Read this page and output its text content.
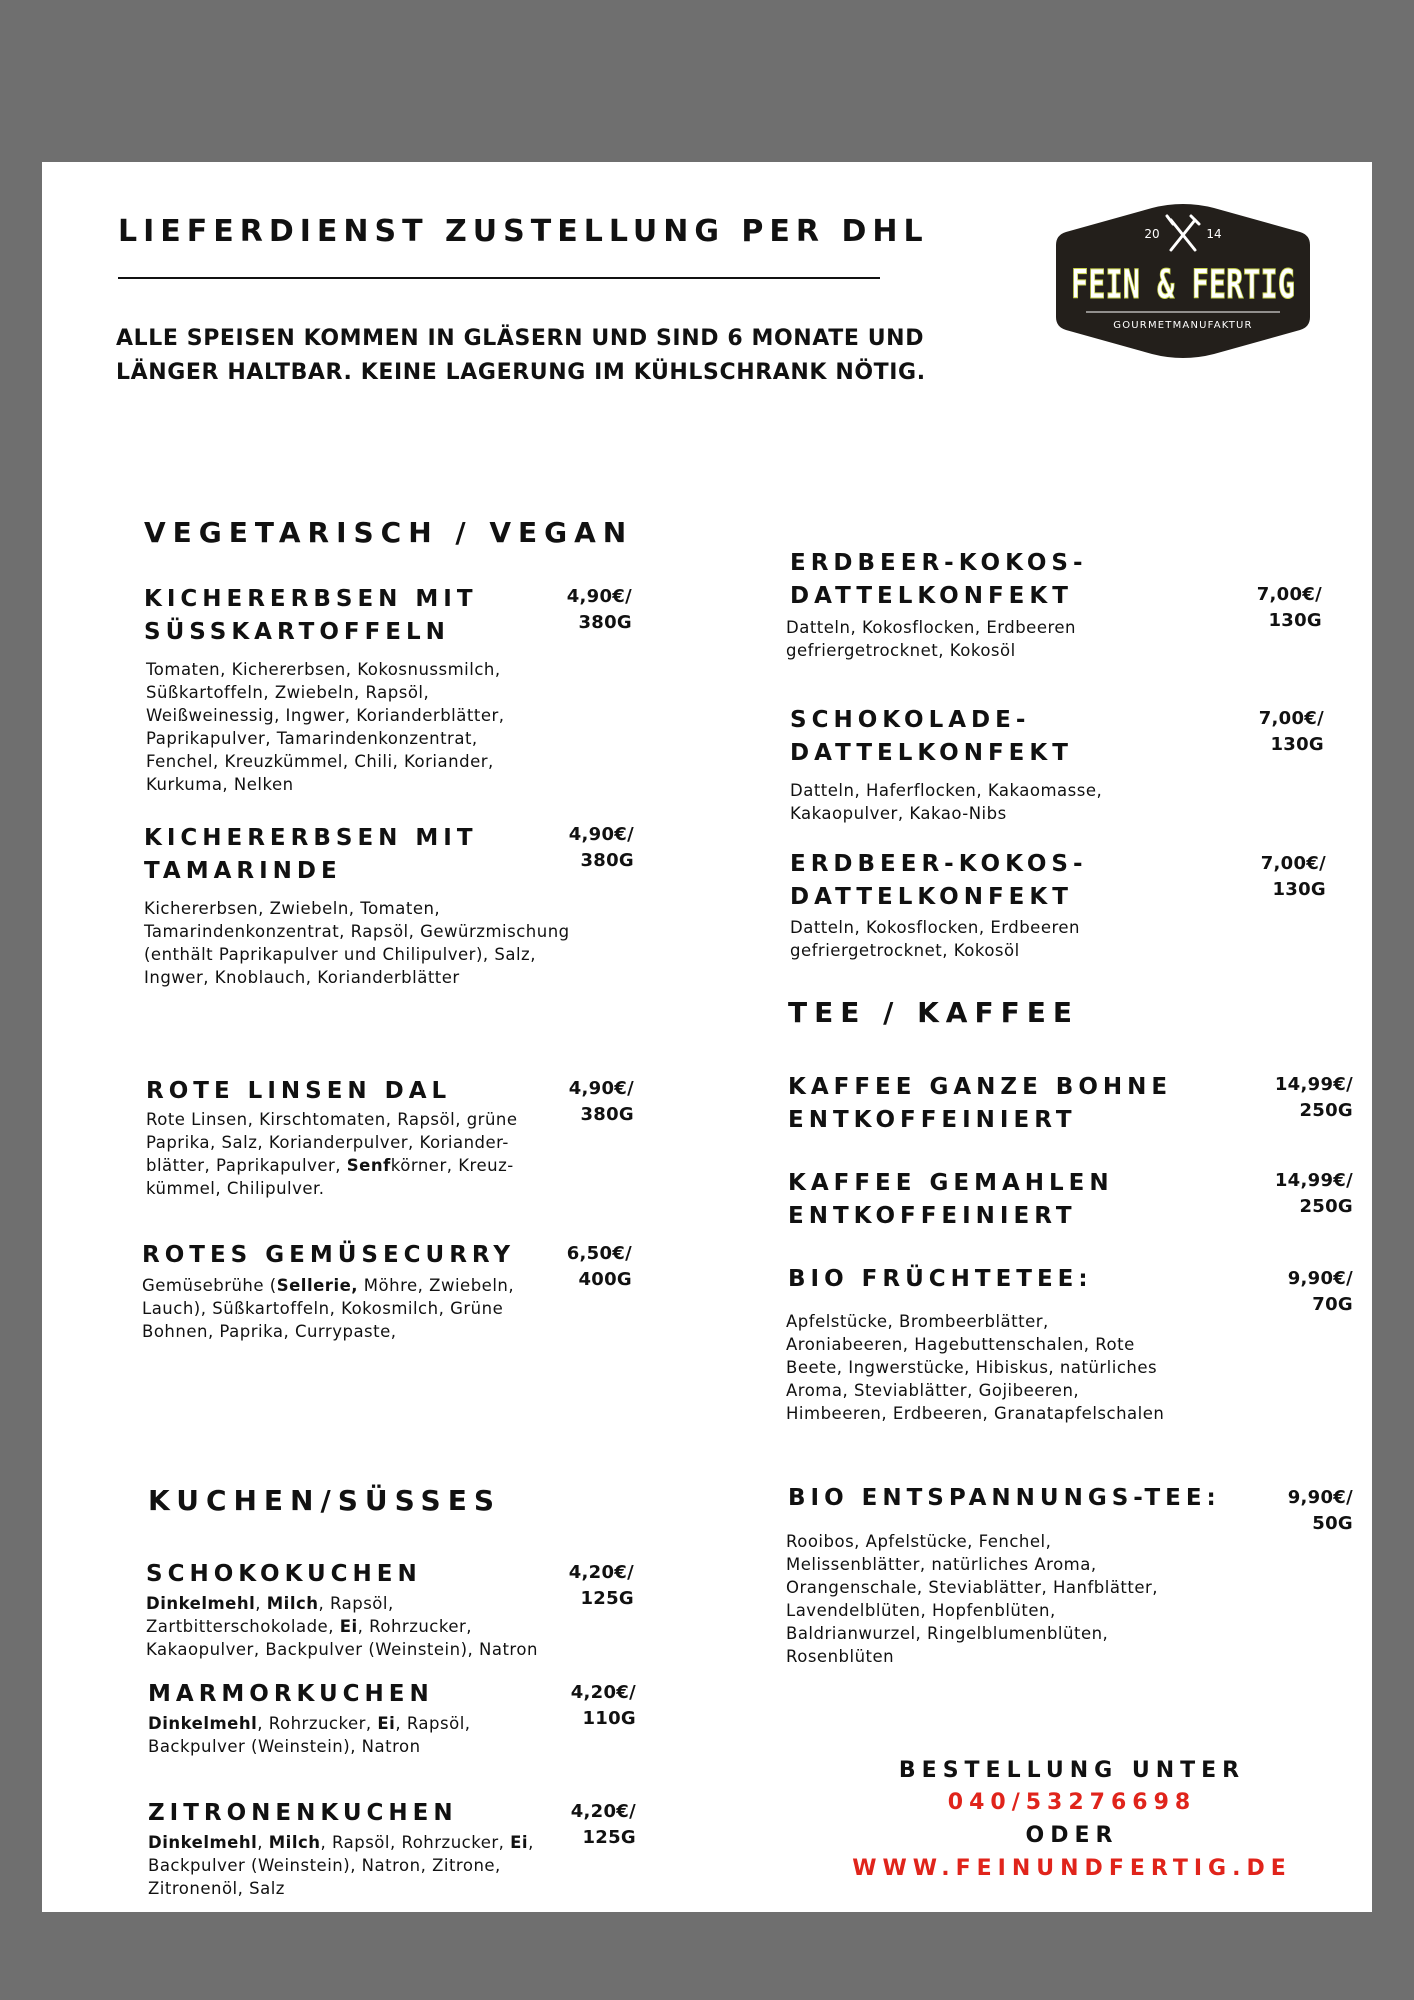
LIEFERDIENST ZUSTELLUNG PER DHL
ALLE SPEISEN KOMMEN IN GLÄSERN UND SIND 6 MONATE UND
LÄNGER HALTBAR. KEINE LAGERUNG IM KÜHLSCHRANK NÖTIG.
20	14
FEIN & FERTIG
GOURMETMANUFAKTUR
VEGETARISCH / VEGAN
KICHERERBSEN MIT
SÜSSKARTOFFELN
4,90€/
380G
Tomaten, Kichererbsen, Kokosnussmilch,
Süßkartoffeln, Zwiebeln, Rapsöl,
Weißweinessig, Ingwer, Korianderblätter,
Paprikapulver, Tamarindenkonzentrat,
Fenchel, Kreuzkümmel, Chili, Koriander,
Kurkuma, Nelken
KICHERERBSEN MIT
TAMARINDE
4,90€/
380G
Kichererbsen, Zwiebeln, Tomaten,
Tamarindenkonzentrat, Rapsöl, Gewürzmischung
(enthält Paprikapulver und Chilipulver), Salz,
Ingwer, Knoblauch, Korianderblätter
ROTE LINSEN DAL	4,90€/
380G
Rote Linsen, Kirschtomaten, Rapsöl, grüne
Paprika, Salz, Korianderpulver, Koriander-
blätter, Paprikapulver, Senfkörner, Kreuz-
kümmel, Chilipulver.
ROTES GEMÜSECURRY	6,50€/
400G
Gemüsebrühe (Sellerie, Möhre, Zwiebeln,
Lauch), Süßkartoffeln, Kokosmilch, Grüne
Bohnen, Paprika, Currypaste,
KUCHEN/SÜSSES
SCHOKOKUCHEN	4,20€/
125G
Dinkelmehl, Milch, Rapsöl,
Zartbitterschokolade, Ei, Rohrzucker,
Kakaopulver, Backpulver (Weinstein), Natron
MARMORKUCHEN	4,20€/
110G
Dinkelmehl, Rohrzucker, Ei, Rapsöl,
Backpulver (Weinstein), Natron
ZITRONENKUCHEN	4,20€/
125G
Dinkelmehl, Milch, Rapsöl, Rohrzucker, Ei,
Backpulver (Weinstein), Natron, Zitrone,
Zitronenöl, Salz
ERDBEER-KOKOS-
DATTELKONFEKT	7,00€/
130G
Datteln, Kokosflocken, Erdbeeren
gefriergetrocknet, Kokosöl
SCHOKOLADE-
DATTELKONFEKT
7,00€/
130G
Datteln, Haferflocken, Kakaomasse,
Kakaopulver, Kakao-Nibs
ERDBEER-KOKOS-
DATTELKONFEKT
7,00€/
130G
Datteln, Kokosflocken, Erdbeeren
gefriergetrocknet, Kokosöl
TEE / KAFFEE
KAFFEE GANZE BOHNE
ENTKOFFEINIERT
14,99€/
250G
KAFFEE GEMAHLEN
ENTKOFFEINIERT
14,99€/
250G
BIO FRÜCHTETEE:	9,90€/
70G
Apfelstücke, Brombeerblätter,
Aroniabeeren, Hagebuttenschalen, Rote
Beete, Ingwerstücke, Hibiskus, natürliches
Aroma, Steviablätter, Gojibeeren,
Himbeeren, Erdbeeren, Granatapfelschalen
BIO ENTSPANNUNGS-TEE:	9,90€/
50G
Rooibos, Apfelstücke, Fenchel,
Melissenblätter, natürliches Aroma,
Orangenschale, Steviablätter, Hanfblätter,
Lavendelblüten, Hopfenblüten,
Baldrianwurzel, Ringelblumenblüten,
Rosenblüten
BESTELLUNG UNTER
040/53276698
ODER
WWW.FEINUNDFERTIG.DE
